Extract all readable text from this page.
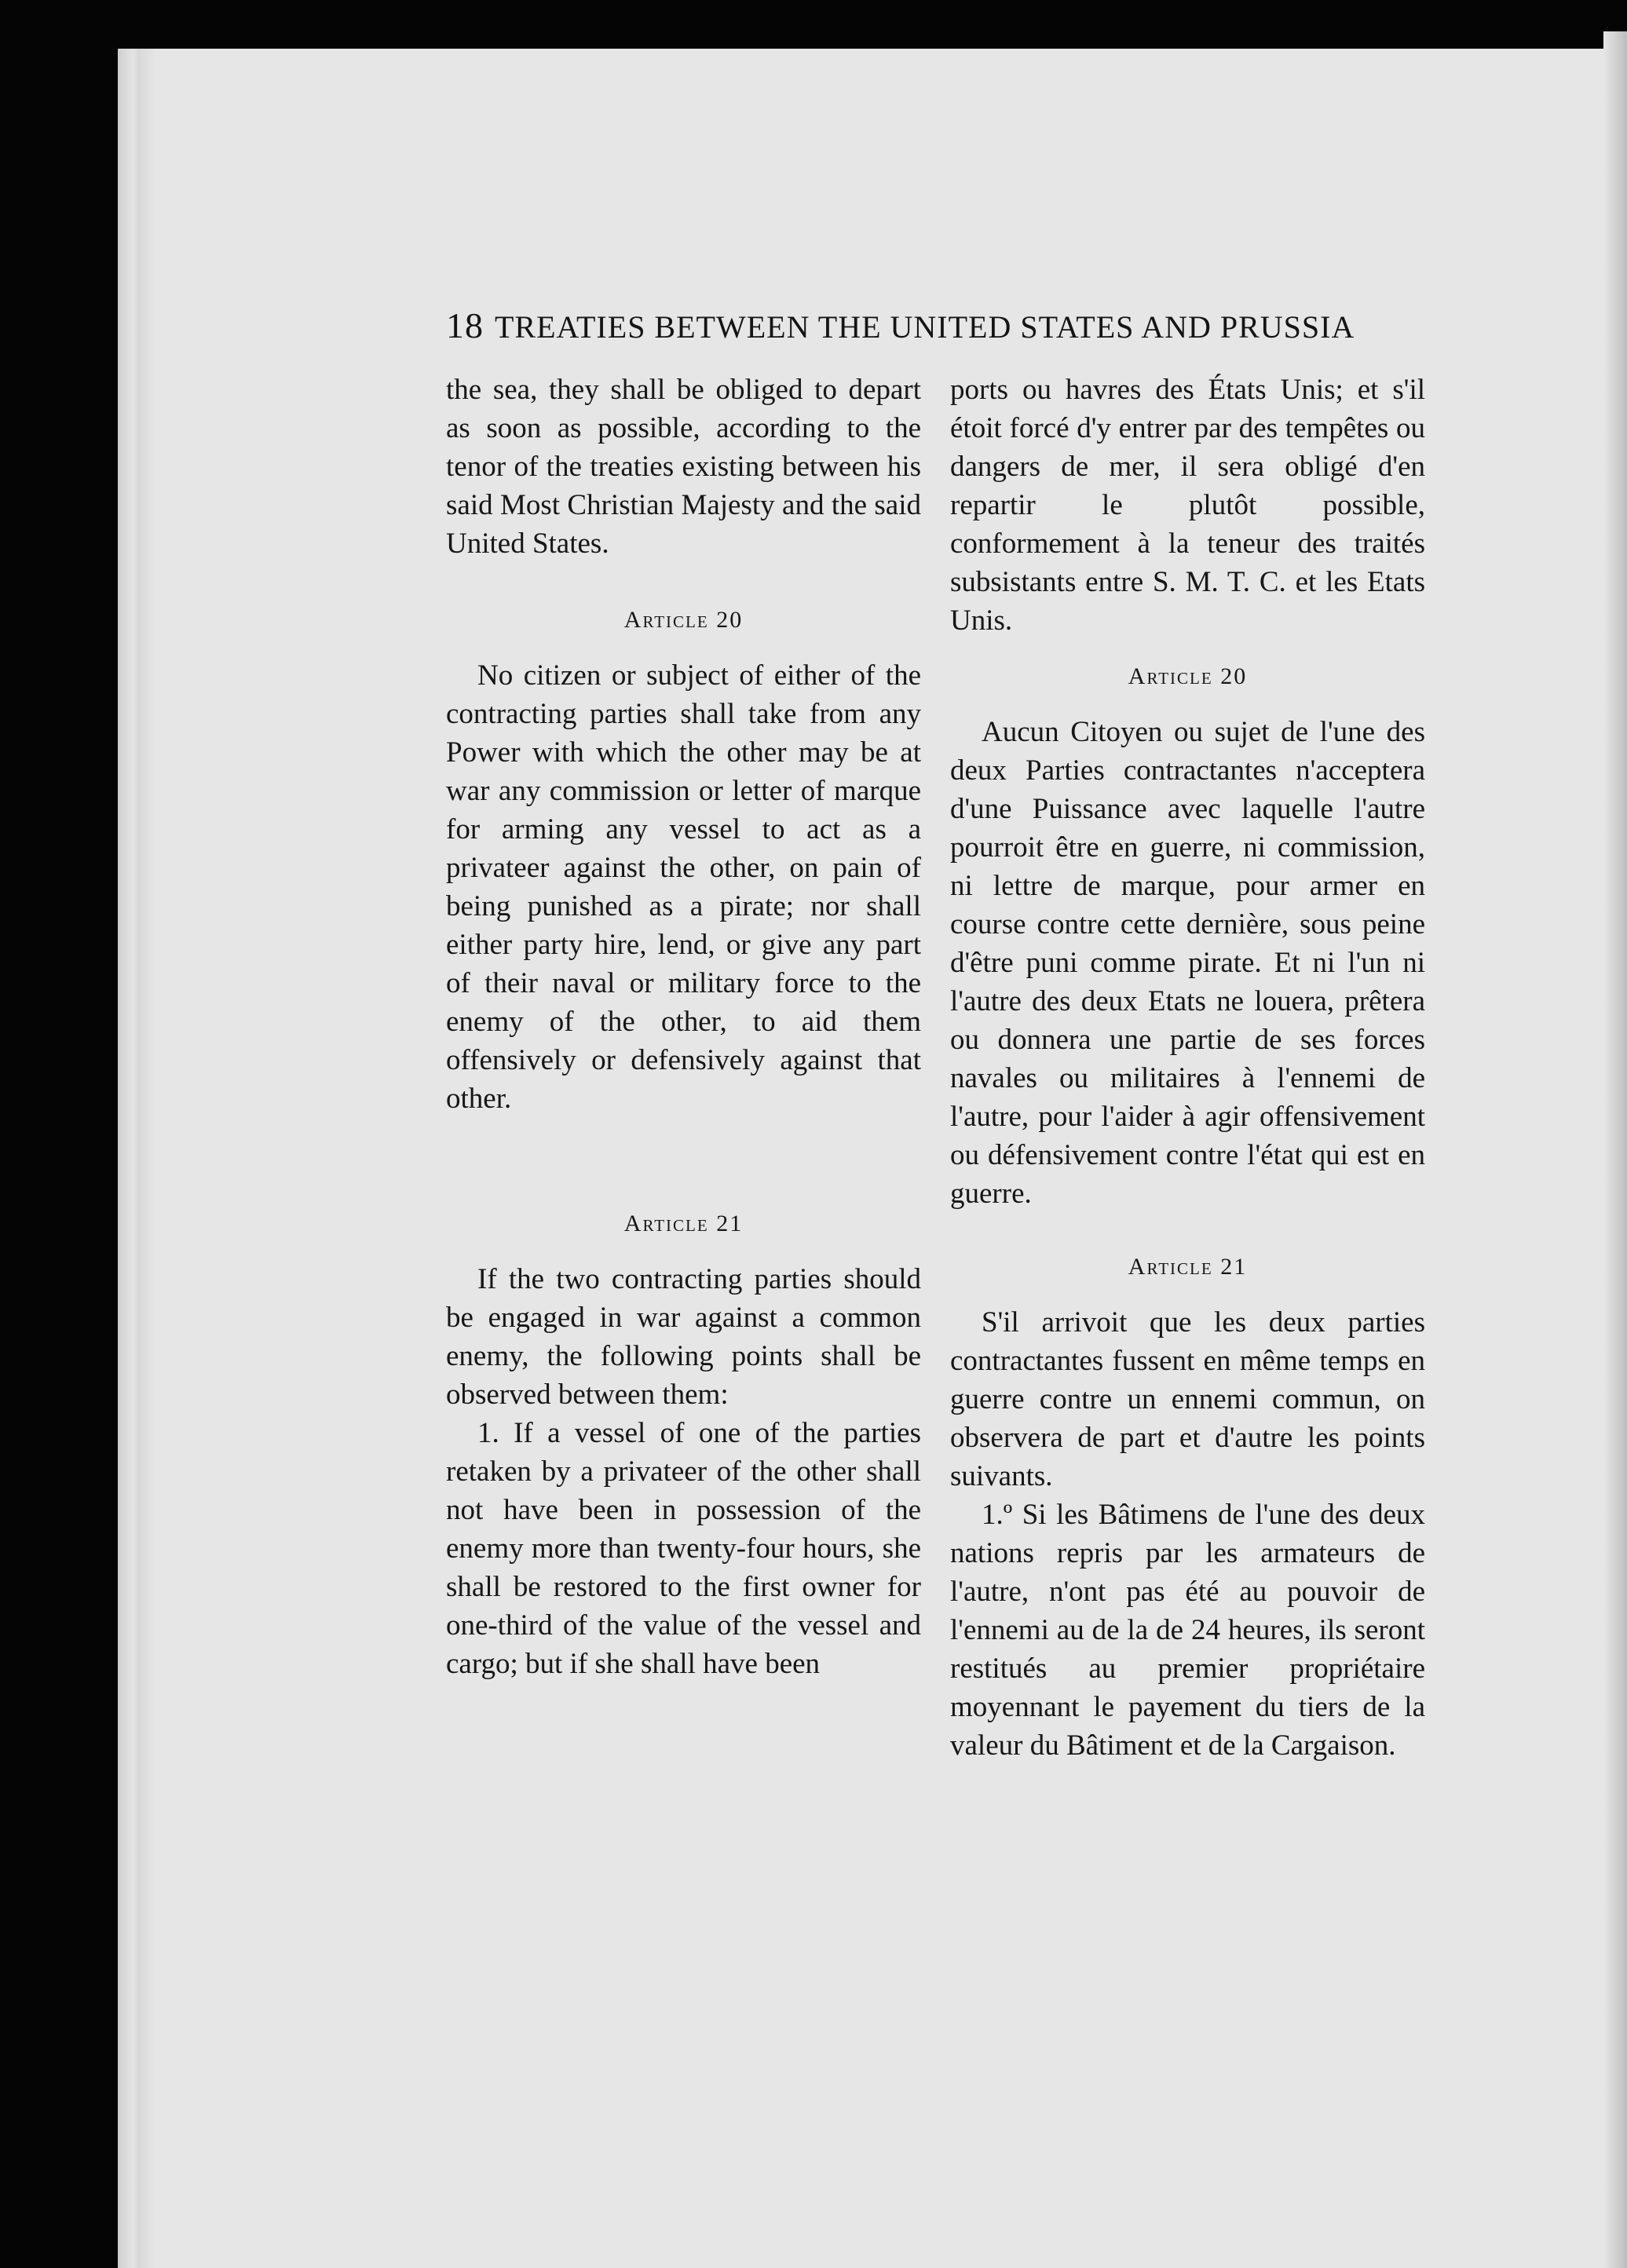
18 TREATIES BETWEEN THE UNITED STATES AND PRUSSIA

the sea, they shall be obliged to depart as soon as possible, according to the tenor of the treaties existing between his said Most Christian Majesty and the said United States.

Article 20

No citizen or subject of either of the contracting parties shall take from any Power with which the other may be at war any commission or letter of marque for arming any vessel to act as a privateer against the other, on pain of being punished as a pirate; nor shall either party hire, lend, or give any part of their naval or military force to the enemy of the other, to aid them offensively or defensively against that other.

Article 21

If the two contracting parties should be engaged in war against a common enemy, the following points shall be observed between them:

1. If a vessel of one of the parties retaken by a privateer of the other shall not have been in possession of the enemy more than twenty-four hours, she shall be restored to the first owner for one-third of the value of the vessel and cargo; but if she shall have been

ports ou havres des États Unis; et s'il étoit forcé d'y entrer par des tempêtes ou dangers de mer, il sera obligé d'en repartir le plutôt possible, conformement à la teneur des traités subsistants entre S. M. T. C. et les Etats Unis.

Article 20

Aucun Citoyen ou sujet de l'une des deux Parties contractantes n'acceptera d'une Puissance avec laquelle l'autre pourroit être en guerre, ni commission, ni lettre de marque, pour armer en course contre cette dernière, sous peine d'être puni comme pirate. Et ni l'un ni l'autre des deux Etats ne louera, prêtera ou donnera une partie de ses forces navales ou militaires à l'ennemi de l'autre, pour l'aider à agir offensivement ou défensivement contre l'état qui est en guerre.

Article 21

S'il arrivoit que les deux parties contractantes fussent en même temps en guerre contre un ennemi commun, on observera de part et d'autre les points suivants.

1.º Si les Bâtimens de l'une des deux nations repris par les armateurs de l'autre, n'ont pas été au pouvoir de l'ennemi au de la de 24 heures, ils seront restitués au premier propriétaire moyennant le payement du tiers de la valeur du Bâtiment et de la Cargaison.
